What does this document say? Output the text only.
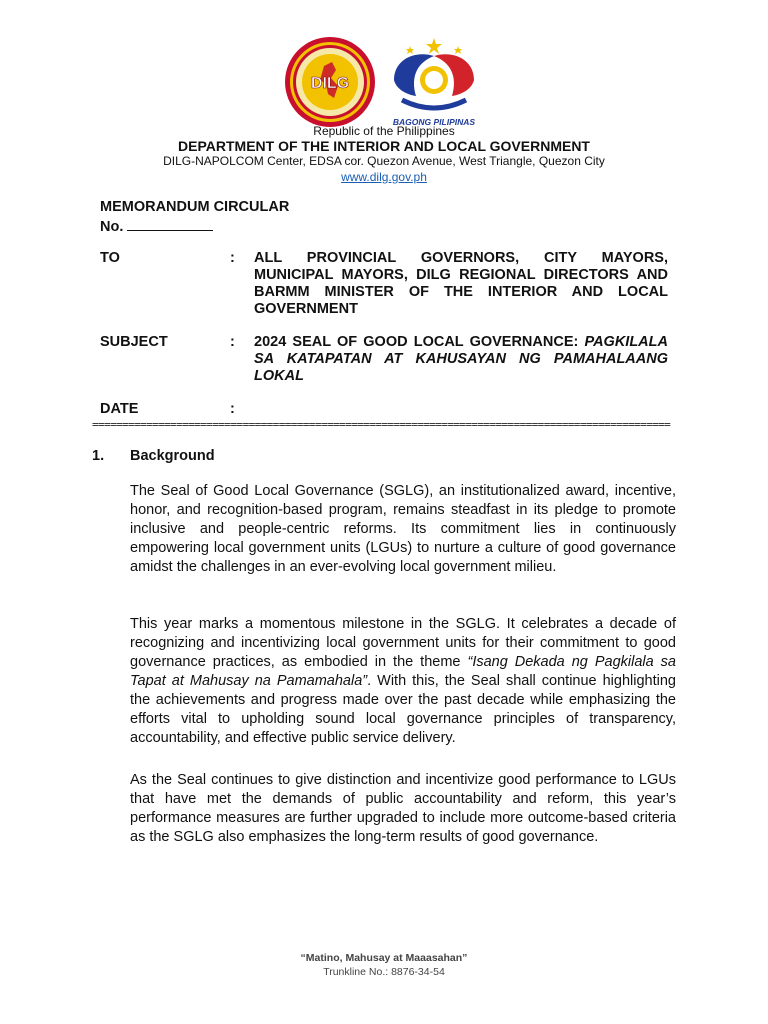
DILG
BAGONG PILIPINAS
Republic of the Philippines
DEPARTMENT OF THE INTERIOR AND LOCAL GOVERNMENT
DILG-NAPOLCOM Center, EDSA cor. Quezon Avenue, West Triangle, Quezon City
www.dilg.gov.ph
MEMORANDUM CIRCULAR
No.
TO	: ALL PROVINCIAL GOVERNORS, CITY MAYORS, MUNICIPAL MAYORS, DILG REGIONAL DIRECTORS AND BARMM MINISTER OF THE INTERIOR AND LOCAL GOVERNMENT
SUBJECT	: 2024 SEAL OF GOOD LOCAL GOVERNANCE: PAGKILALA SA KATAPATAN AT KAHUSAYAN NG PAMAHALAANG LOKAL
DATE	:
================================================================================================
1. Background
The Seal of Good Local Governance (SGLG), an institutionalized award, incentive, honor, and recognition-based program, remains steadfast in its pledge to promote inclusive and people-centric reforms. Its commitment lies in continuously empowering local government units (LGUs) to nurture a culture of good governance amidst the challenges in an ever-evolving local government milieu.
This year marks a momentous milestone in the SGLG. It celebrates a decade of recognizing and incentivizing local government units for their commitment to good governance practices, as embodied in the theme “Isang Dekada ng Pagkilala sa Tapat at Mahusay na Pamamahala”. With this, the Seal shall continue highlighting the achievements and progress made over the past decade while emphasizing the efforts vital to upholding sound local governance principles of transparency, accountability, and effective public service delivery.
As the Seal continues to give distinction and incentivize good performance to LGUs that have met the demands of public accountability and reform, this year’s performance measures are further upgraded to include more outcome-based criteria as the SGLG also emphasizes the long-term results of good governance.
“Matino, Mahusay at Maaasahan”
Trunkline No.: 8876-34-54
